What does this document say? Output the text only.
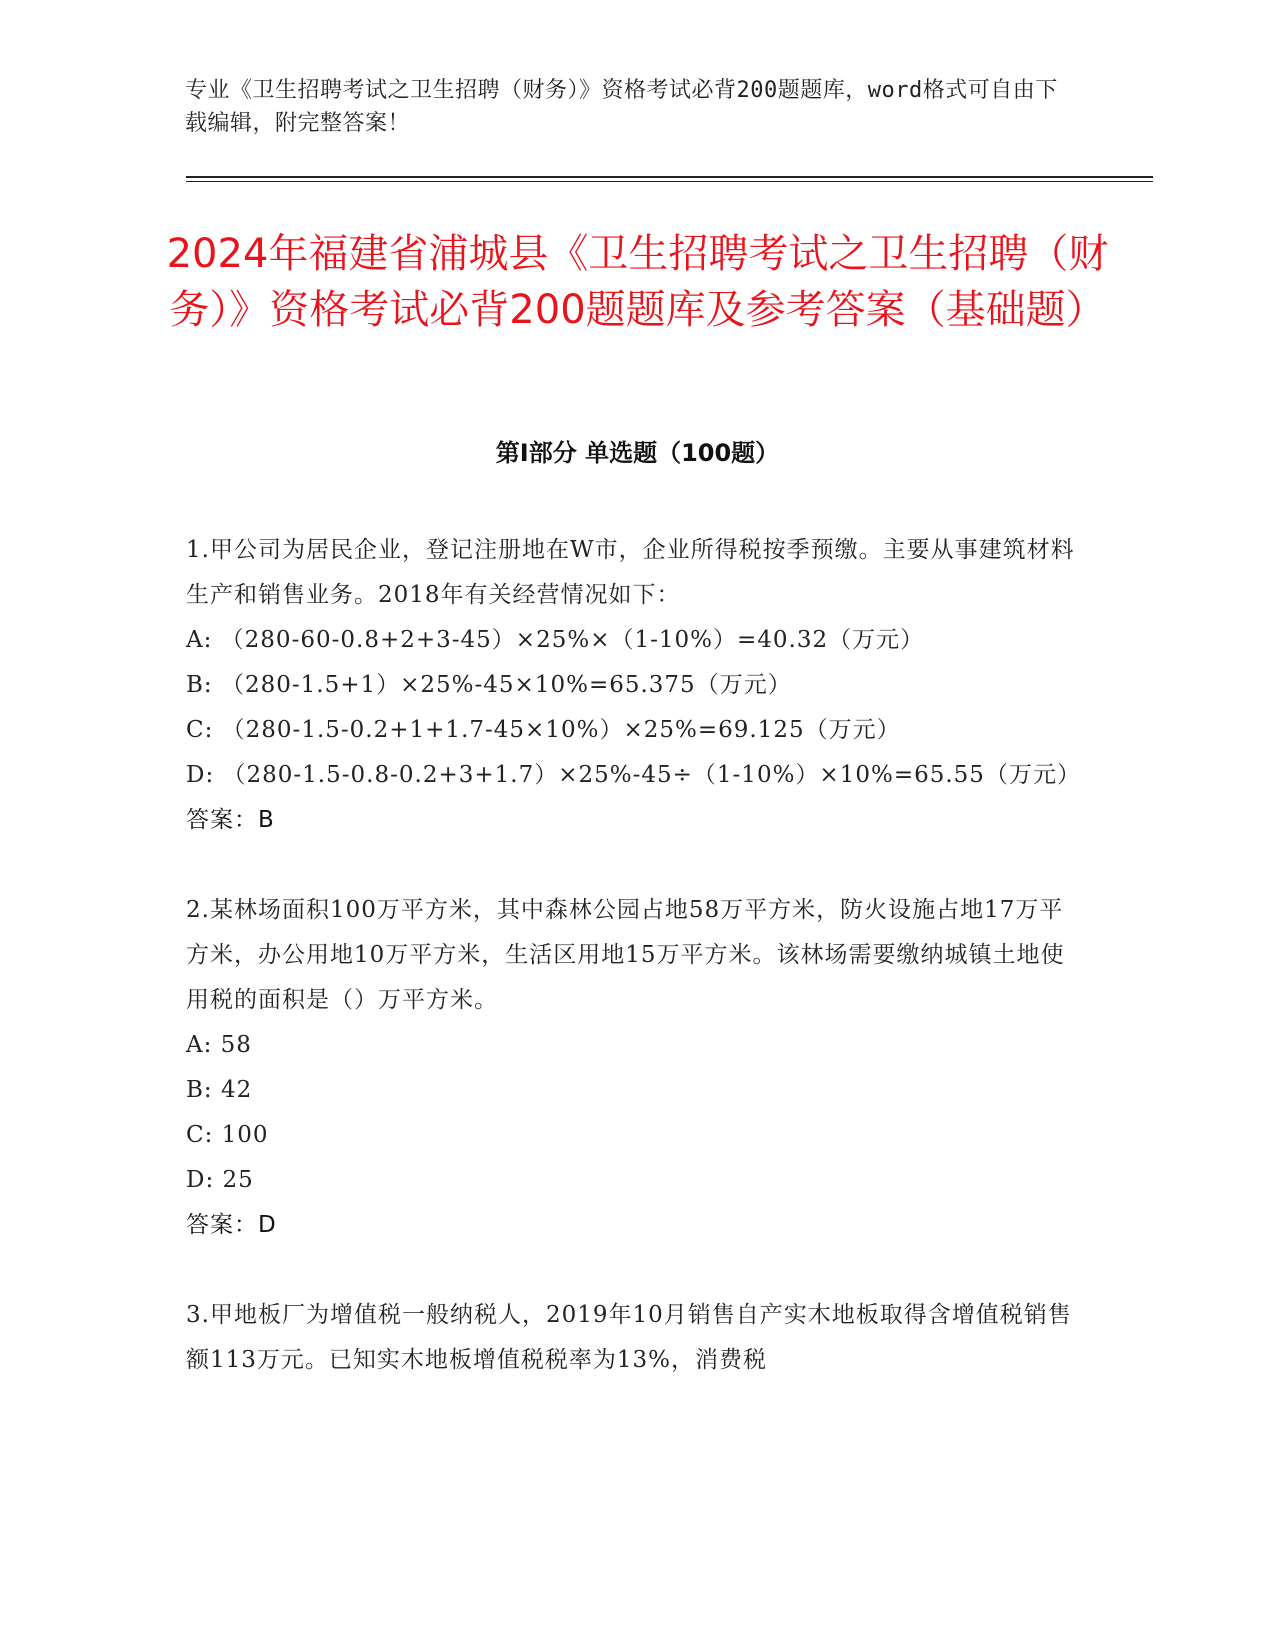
专业《卫生招聘考试之卫生招聘（财务）》资格考试必背200题题库，word格式可自由下载编辑，附完整答案！
2024年福建省浦城县《卫生招聘考试之卫生招聘（财务）》资格考试必背200题题库及参考答案（基础题）
第Ⅰ部分 单选题（100题）

1.甲公司为居民企业，登记注册地在W市，企业所得税按季预缴。主要从事建筑材料生产和销售业务。2018年有关经营情况如下：

A: （280-60-0.8+2+3-45）×25%×（1-10%）=40.32（万元）

B: （280-1.5+1）×25%-45×10%=65.375（万元）

C: （280-1.5-0.2+1+1.7-45×10%）×25%=69.125（万元）

D: （280-1.5-0.8-0.2+3+1.7）×25%-45÷（1-10%）×10%=65.55（万元）

答案：B

2.某林场面积100万平方米，其中森林公园占地58万平方米，防火设施占地17万平方米，办公用地10万平方米，生活区用地15万平方米。该林场需要缴纳城镇土地使用税的面积是（）万平方米。

A: 58

B: 42

C: 100

D: 25

答案：D

3.甲地板厂为增值税一般纳税人，2019年10月销售自产实木地板取得含增值税销售额113万元。已知实木地板增值税税率为13%，消费税
